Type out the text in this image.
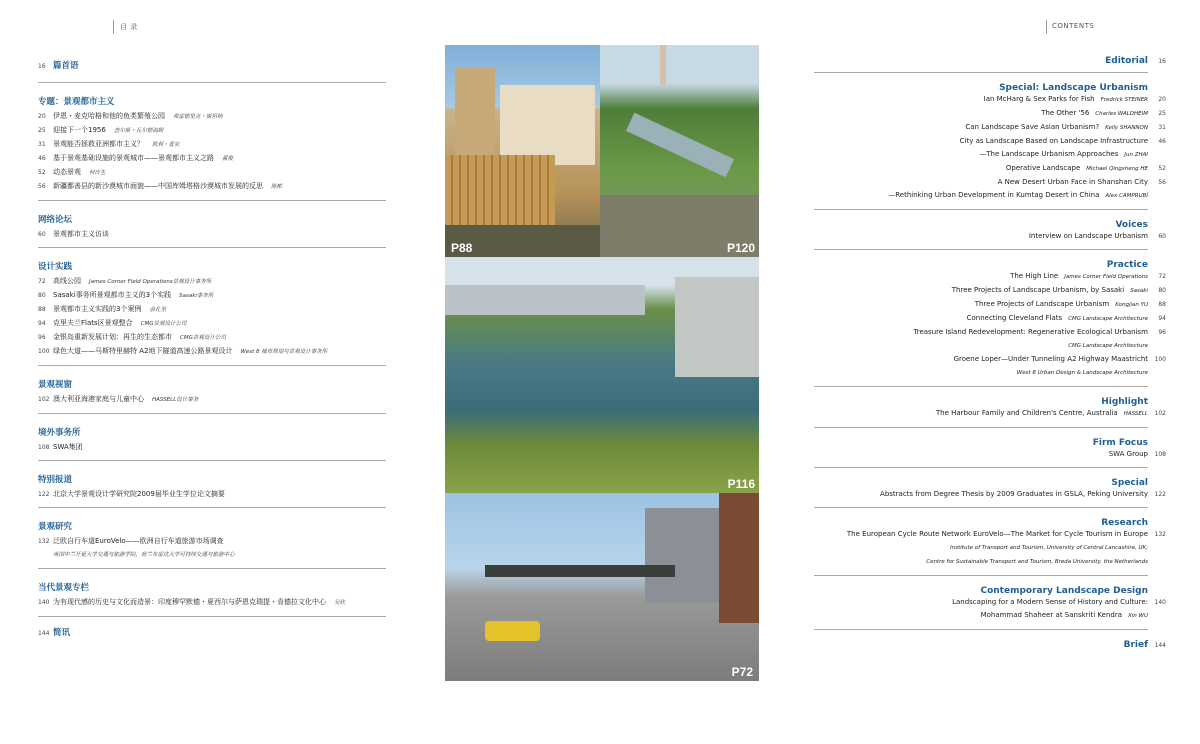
目 录	CONTENTS
16 篇首语
专题：景观都市主义
20 伊恩・麦克哈格和他的鱼类繁殖公园 弗雷德里克・斯坦纳
25 迎接下一个1956 查尔斯・瓦尔德海姆
31 景观能否拯救亚洲都市主义？ 凯利・香农
46 基于景观基础设施的景观城市——景观都市主义之路 翟俊
52 动态景观 何庆生
56 新疆鄯善县的新沙漠城市面貌——中国库姆塔格沙漠城市发展的反思 陈彬
网络论坛
60 景观都市主义访谈
设计实践
72 高线公园 James Corner Field Operations景观设计事务所
80 Sasaki事务所景观都市主义的3个实践 Sasaki事务所
88 景观都市主义实践的3个案例 俞孔坚
94 克里夫兰Flats区景观整合 CMG景观设计公司
96 金银岛重新发展计划：再生的生态都市 CMG景观设计公司
100 绿色大道——马斯特里赫特 A2地下隧道高速公路景观设计 West 8 城市规划与景观设计事务所
景观视窗
102 澳大利亚海港家庭与儿童中心 HASSELL设计事务
境外事务所
108 SWA集团
特别报道
122 北京大学景观设计学研究院2009届毕业生学位论文摘要
景观研究
132 泛欧自行车道EuroVelo——欧洲自行车道旅游市场调查
英国中兰开夏大学交通与旅游学院，荷兰布雷达大学可持续交通与旅游中心
当代景观专栏
140 为有现代感的历史与文化而造景：印度穆罕默德・夏西尔与萨恩克瑞提・肯德拉文化中心 吴欣
144 简讯
P88	P120
P116
P72
Editorial 16
Special: Landscape Urbanism
Ian McHarg & Sex Parks for Fish Fredrick STEINER 20
The Other '56 Charles WALDHEIM 25
Can Landscape Save Asian Urbanism? Kelly SHANNON 31
City as Landscape Based on Landscape Infrastructure 46
—The Landscape Urbanism Approaches Jun ZHAI
Operative Landscape Michael Qingsheng HE 52
A New Desert Urban Face in Shanshan City 56
—Rethinking Urban Development in Kumtag Desert in China Alex CAMPRUBÍ
Voices
Interview on Landscape Urbanism 60
Practice
The High Line James Corner Field Operations 72
Three Projects of Landscape Urbanism, by Sasaki Sasaki 80
Three Projects of Landscape Urbanism Kongjian YU 88
Connecting Cleveland Flats CMG Landscape Architecture 94
Treasure Island Redevelopment: Regenerative Ecological Urbanism 96
CMG Landscape Architecture
Groene Loper—Under Tunneling A2 Highway Maastricht 100
West 8 Urban Design & Landscape Architecture
Highlight
The Harbour Family and Children's Centre, Australia HASSELL 102
Firm Focus
SWA Group 108
Special
Abstracts from Degree Thesis by 2009 Graduates in GSLA, Peking University 122
Research
The European Cycle Route Network EuroVelo—The Market for Cycle Tourism in Europe 132
Institute of Transport and Tourism, University of Central Lancashire, UK;
Centre for Sustainable Transport and Tourism, Breda University, the Netherlands
Contemporary Landscape Design
Landscaping for a Modern Sense of History and Culture: 140
Mohammad Shaheer at Sanskriti Kendra Xin WU
Brief 144
